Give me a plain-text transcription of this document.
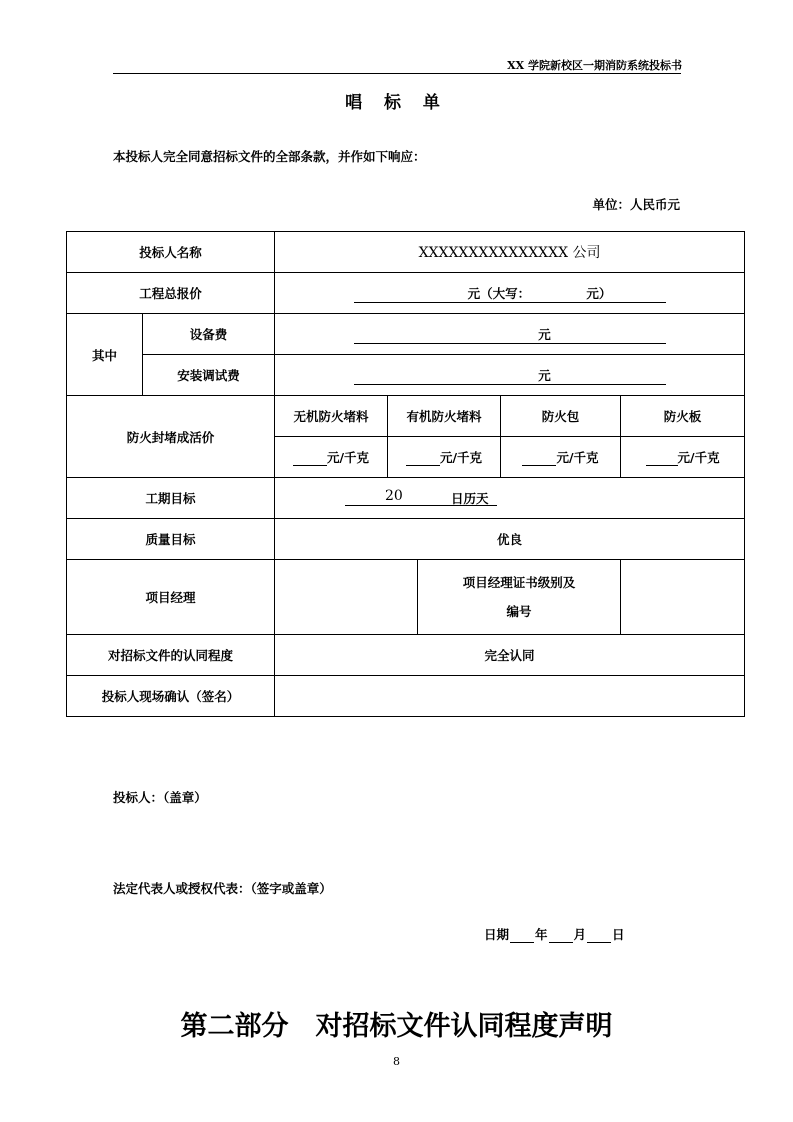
XX 学院新校区一期消防系统投标书
唱 标 单
本投标人完全同意招标文件的全部条款，并作如下响应：
单位：人民币元
投标人名称		XXXXXXXXXXXXXXX 公司				
工程总报价		元（大写：　　　　　元）				
其中	设备费	元				
	安装调试费	元				
防火封堵成活价		无机防火堵料	有机防火堵料		防火包	防火板
		元/千克	元/千克		元/千克	元/千克
工期目标		20 日历天				

质量目标		优良				
项目经理				项目经理证书级别及编号		

对招标文件的认同程度		完全认同				
投标人现场确认（签名）						
投标人：（盖章）
法定代表人或授权代表：（签字或盖章）
日期 年 月 日
第二部分　对招标文件认同程度声明
8
